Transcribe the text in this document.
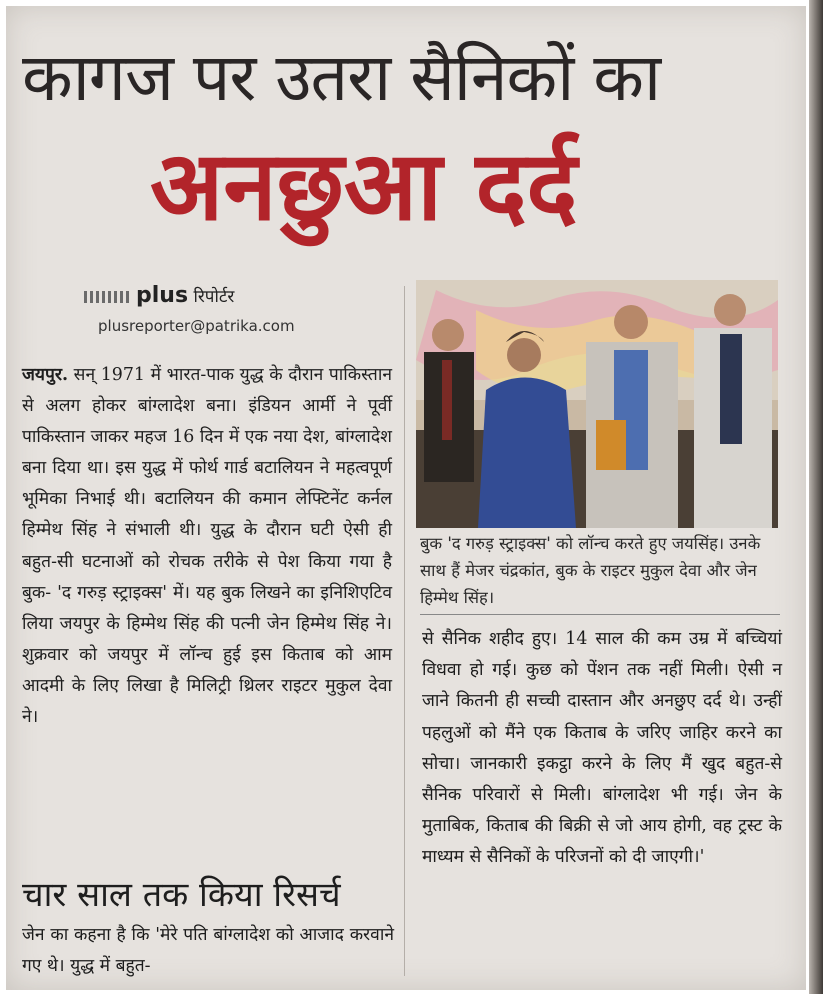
कागज पर उतरा सैनिकों का
अनछुआ दर्द
plus रिपोर्टर
plusreporter@patrika.com
जयपुर. सन् 1971 में भारत-पाक युद्ध के दौरान पाकिस्तान से अलग होकर बांग्लादेश बना। इंडियन आर्मी ने पूर्वी पाकिस्तान जाकर महज 16 दिन में एक नया देश, बांग्लादेश बना दिया था। इस युद्ध में फोर्थ गार्ड बटालियन ने महत्वपूर्ण भूमिका निभाई थी। बटालियन की कमान लेफ्टिनेंट कर्नल हिम्मेथ सिंह ने संभाली थी। युद्ध के दौरान घटी ऐसी ही बहुत-सी घटनाओं को रोचक तरीके से पेश किया गया है बुक- 'द गरुड़ स्ट्राइक्स' में। यह बुक लिखने का इनिशिएटिव लिया जयपुर के हिम्मेथ सिंह की पत्नी जेन हिम्मेथ सिंह ने। शुक्रवार को जयपुर में लॉन्च हुई इस किताब को आम आदमी के लिए लिखा है मिलिट्री थ्रिलर राइटर मुकुल देवा ने।
चार साल तक किया रिसर्च
जेन का कहना है कि 'मेरे पति बांग्लादेश को आजाद करवाने गए थे। युद्ध में बहुत-
बुक 'द गरुड़ स्ट्राइक्स' को लॉन्च करते हुए जयसिंह। उनके साथ हैं मेजर चंद्रकांत, बुक के राइटर मुकुल देवा और जेन हिम्मेथ सिंह।
से सैनिक शहीद हुए। 14 साल की कम उम्र में बच्चियां विधवा हो गई। कुछ को पेंशन तक नहीं मिली। ऐसी न जाने कितनी ही सच्ची दास्तान और अनछुए दर्द थे। उन्हीं पहलुओं को मैंने एक किताब के जरिए जाहिर करने का सोचा। जानकारी इकट्ठा करने के लिए मैं खुद बहुत-से सैनिक परिवारों से मिली। बांग्लादेश भी गई। जेन के मुताबिक, किताब की बिक्री से जो आय होगी, वह ट्रस्ट के माध्यम से सैनिकों के परिजनों को दी जाएगी।'
